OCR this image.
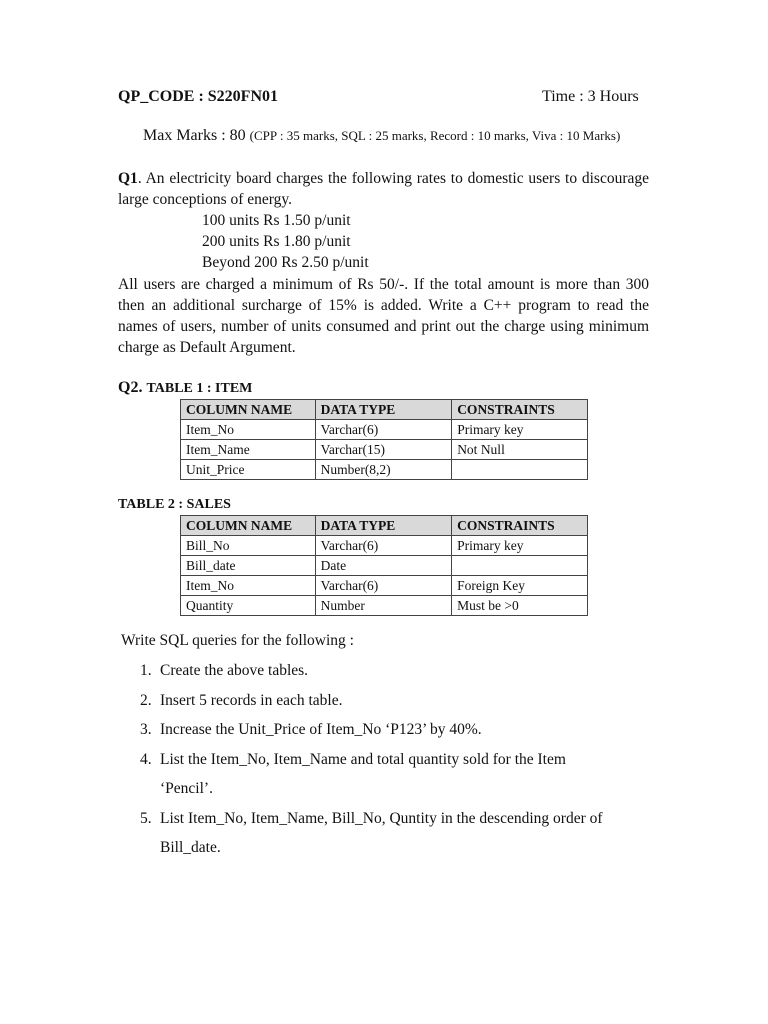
QP_CODE : S220FN01	Time : 3 Hours
Max Marks : 80 (CPP : 35 marks, SQL : 25 marks, Record : 10 marks, Viva : 10 Marks)
Q1. An electricity board charges the following rates to domestic users to discourage large conceptions of energy.
100 units Rs 1.50 p/unit
200 units Rs 1.80 p/unit
Beyond 200 Rs 2.50 p/unit
All users are charged a minimum of Rs 50/-. If the total amount is more than 300 then an additional surcharge of 15% is added. Write a C++ program to read the names of users, number of units consumed and print out the charge using minimum charge as Default Argument.
Q2. TABLE 1 : ITEM
COLUMN NAME	DATA TYPE	CONSTRAINTS
Item_No	Varchar(6)	Primary key
Item_Name	Varchar(15)	Not Null
Unit_Price	Number(8,2)	
TABLE 2 : SALES
COLUMN NAME	DATA TYPE	CONSTRAINTS
Bill_No	Varchar(6)	Primary key
Bill_date	Date	
Item_No	Varchar(6)	Foreign Key
Quantity	Number	Must be >0
Write SQL queries for the following :
1. Create the above tables.
2. Insert 5 records in each table.
3. Increase the Unit_Price of Item_No ‘P123’ by 40%.
4. List the Item_No, Item_Name and total quantity sold for the Item
‘Pencil’.
5. List Item_No, Item_Name, Bill_No, Quntity in the descending order of
Bill_date.
